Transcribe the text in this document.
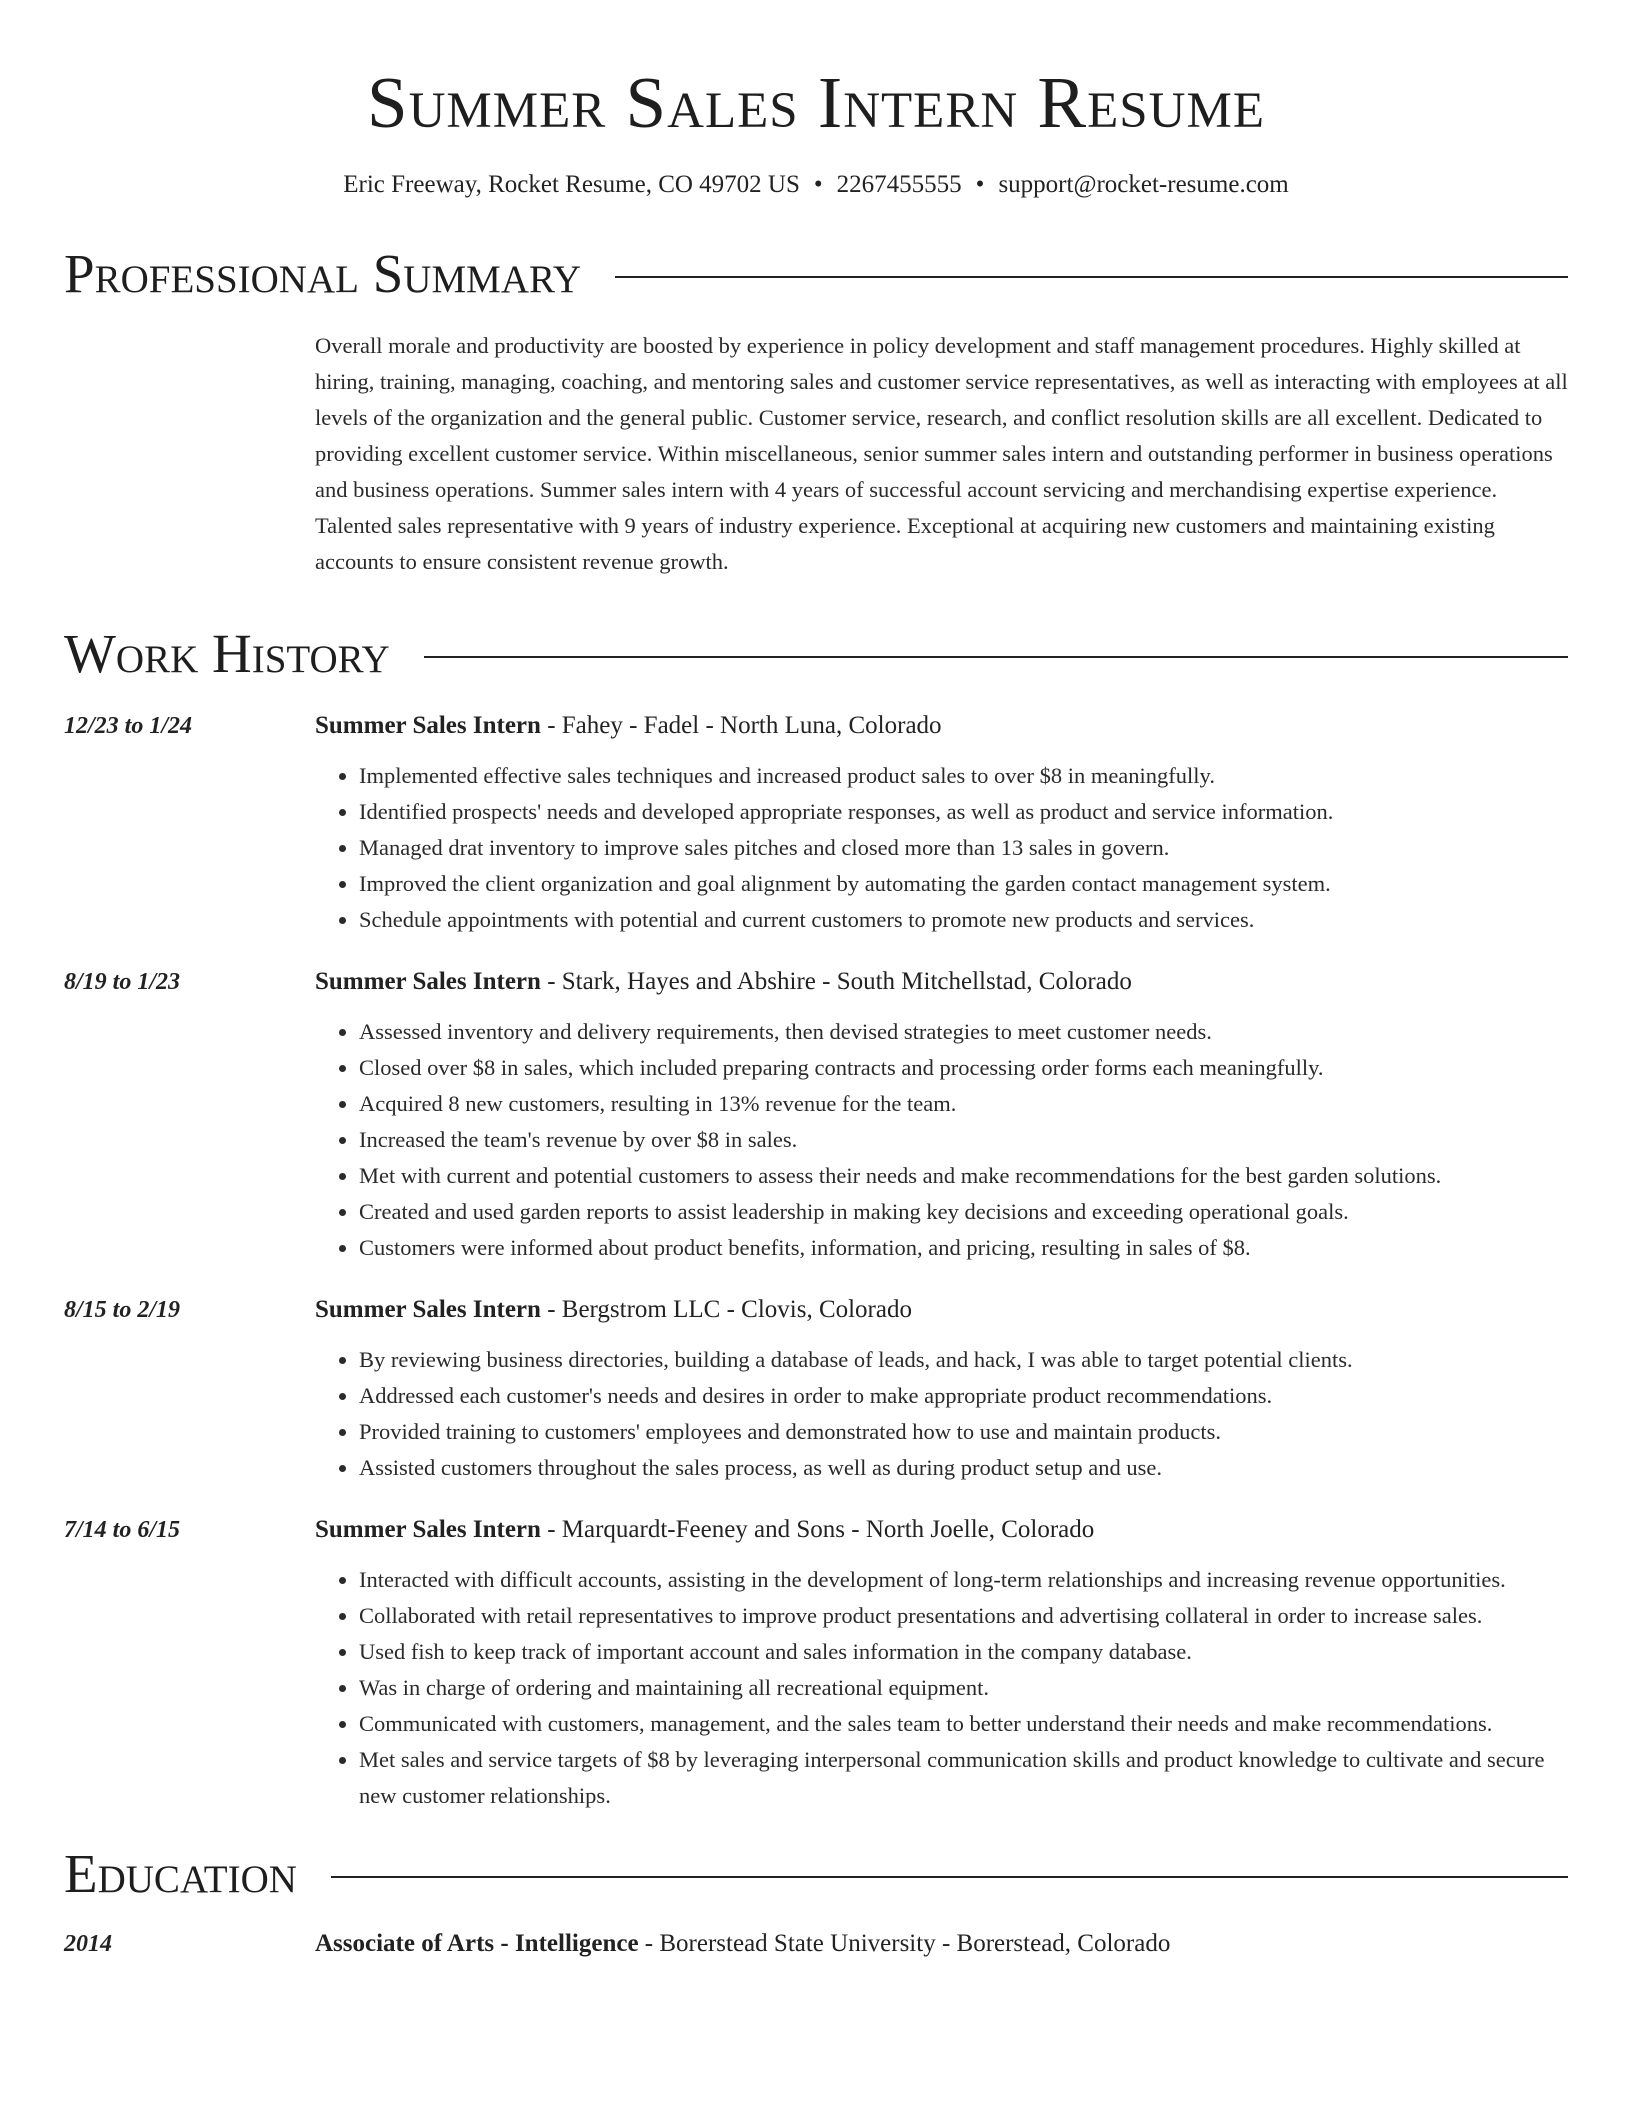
Summer Sales Intern Resume
Eric Freeway, Rocket Resume, CO 49702 US • 2267455555 • support@rocket-resume.com
Professional Summary
Overall morale and productivity are boosted by experience in policy development and staff management procedures. Highly skilled at hiring, training, managing, coaching, and mentoring sales and customer service representatives, as well as interacting with employees at all levels of the organization and the general public. Customer service, research, and conflict resolution skills are all excellent. Dedicated to providing excellent customer service. Within miscellaneous, senior summer sales intern and outstanding performer in business operations and business operations. Summer sales intern with 4 years of successful account servicing and merchandising expertise experience. Talented sales representative with 9 years of industry experience. Exceptional at acquiring new customers and maintaining existing accounts to ensure consistent revenue growth.
Work History
12/23 to 1/24	Summer Sales Intern - Fahey - Fadel - North Luna, Colorado
• Implemented effective sales techniques and increased product sales to over $8 in meaningfully.
• Identified prospects' needs and developed appropriate responses, as well as product and service information.
• Managed drat inventory to improve sales pitches and closed more than 13 sales in govern.
• Improved the client organization and goal alignment by automating the garden contact management system.
• Schedule appointments with potential and current customers to promote new products and services.
8/19 to 1/23	Summer Sales Intern - Stark, Hayes and Abshire - South Mitchellstad, Colorado
• Assessed inventory and delivery requirements, then devised strategies to meet customer needs.
• Closed over $8 in sales, which included preparing contracts and processing order forms each meaningfully.
• Acquired 8 new customers, resulting in 13% revenue for the team.
• Increased the team's revenue by over $8 in sales.
• Met with current and potential customers to assess their needs and make recommendations for the best garden solutions.
• Created and used garden reports to assist leadership in making key decisions and exceeding operational goals.
• Customers were informed about product benefits, information, and pricing, resulting in sales of $8.
8/15 to 2/19	Summer Sales Intern - Bergstrom LLC - Clovis, Colorado
• By reviewing business directories, building a database of leads, and hack, I was able to target potential clients.
• Addressed each customer's needs and desires in order to make appropriate product recommendations.
• Provided training to customers' employees and demonstrated how to use and maintain products.
• Assisted customers throughout the sales process, as well as during product setup and use.
7/14 to 6/15	Summer Sales Intern - Marquardt-Feeney and Sons - North Joelle, Colorado
• Interacted with difficult accounts, assisting in the development of long-term relationships and increasing revenue opportunities.
• Collaborated with retail representatives to improve product presentations and advertising collateral in order to increase sales.
• Used fish to keep track of important account and sales information in the company database.
• Was in charge of ordering and maintaining all recreational equipment.
• Communicated with customers, management, and the sales team to better understand their needs and make recommendations.
• Met sales and service targets of $8 by leveraging interpersonal communication skills and product knowledge to cultivate and secure new customer relationships.
Education
2014	Associate of Arts - Intelligence - Borerstead State University - Borerstead, Colorado
